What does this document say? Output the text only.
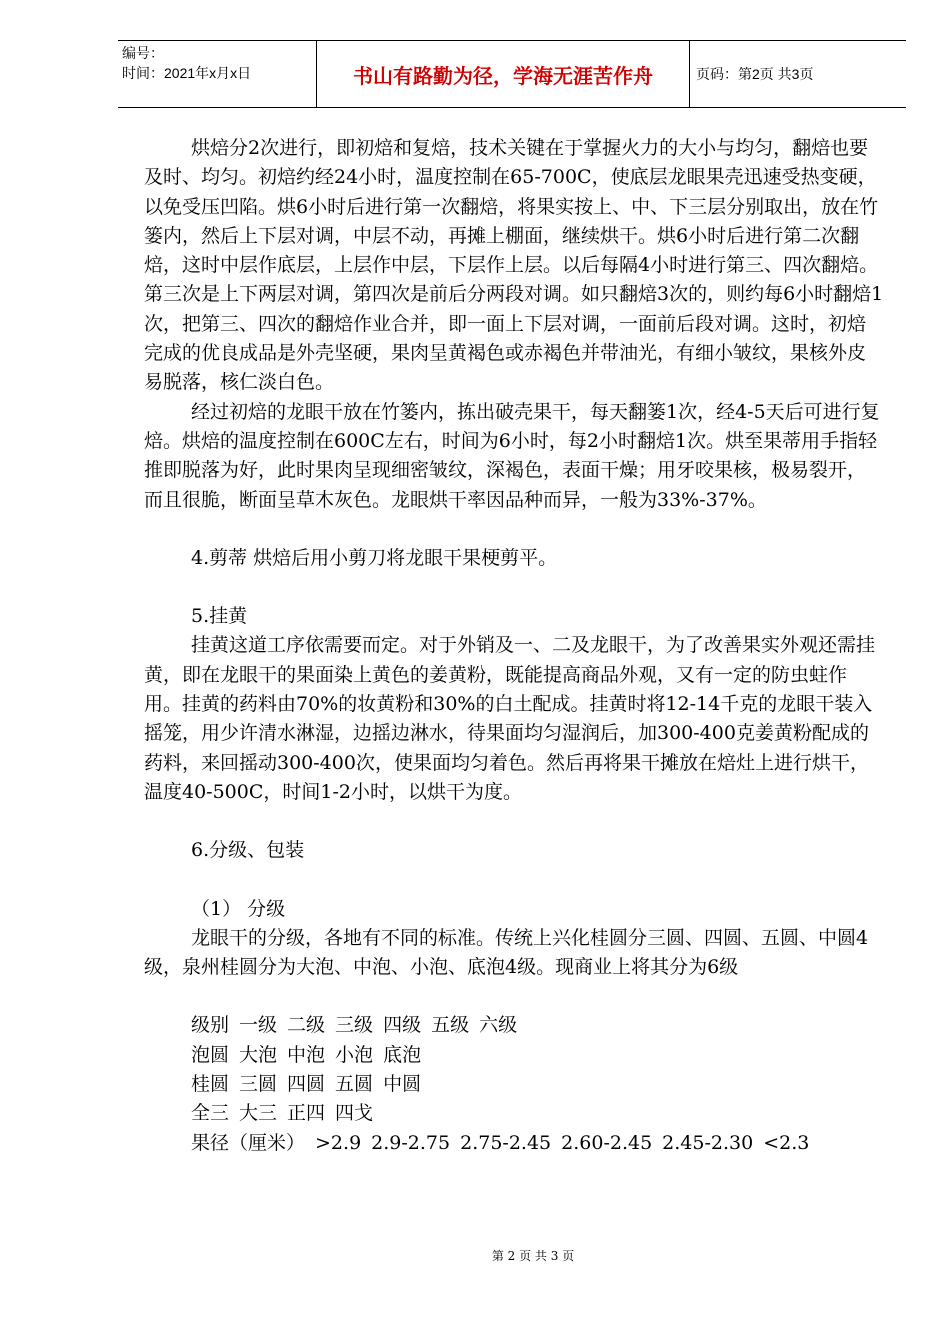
编号：
时间：2021年x月x日	书山有路勤为径，学海无涯苦作舟	页码：第2页 共3页

烘焙分2次进行，即初焙和复焙，技术关键在于掌握火力的大小与均匀，翻焙也要及时、均匀。初焙约经24小时，温度控制在65-700C，使底层龙眼果壳迅速受热变硬，以免受压凹陷。烘6小时后进行第一次翻焙，将果实按上、中、下三层分别取出，放在竹篓内，然后上下层对调，中层不动，再摊上棚面，继续烘干。烘6小时后进行第二次翻焙，这时中层作底层，上层作中层，下层作上层。以后每隔4小时进行第三、四次翻焙。第三次是上下两层对调，第四次是前后分两段对调。如只翻焙3次的，则约每6小时翻焙1次，把第三、四次的翻焙作业合并，即一面上下层对调，一面前后段对调。这时，初焙完成的优良成品是外壳坚硬，果肉呈黄褐色或赤褐色并带油光，有细小皱纹，果核外皮易脱落，核仁淡白色。

经过初焙的龙眼干放在竹篓内，拣出破壳果干，每天翻篓1次，经4-5天后可进行复焙。烘焙的温度控制在600C左右，时间为6小时，每2小时翻焙1次。烘至果蒂用手指轻推即脱落为好，此时果肉呈现细密皱纹，深褐色，表面干燥；用牙咬果核，极易裂开，而且很脆，断面呈草木灰色。龙眼烘干率因品种而异，一般为33%-37%。

4.剪蒂 烘焙后用小剪刀将龙眼干果梗剪平。

5.挂黄

挂黄这道工序依需要而定。对于外销及一、二及龙眼干，为了改善果实外观还需挂黄，即在龙眼干的果面染上黄色的姜黄粉，既能提高商品外观，又有一定的防虫蛀作用。挂黄的药料由70%的妆黄粉和30%的白土配成。挂黄时将12-14千克的龙眼干装入摇笼，用少许清水淋湿，边摇边淋水，待果面均匀湿润后，加300-400克姜黄粉配成的药料，来回摇动300-400次，使果面均匀着色。然后再将果干摊放在焙灶上进行烘干，温度40-500C，时间1-2小时，以烘干为度。

6.分级、包装

（1） 分级

龙眼干的分级，各地有不同的标准。传统上兴化桂圆分三圆、四圆、五圆、中圆4级，泉州桂圆分为大泡、中泡、小泡、底泡4级。现商业上将其分为6级

级别 一级 二级 三级 四级 五级 六级
泡圆 大泡 中泡 小泡 底泡
桂圆 三圆 四圆 五圆 中圆
全三 大三 正四 四戈
果径（厘米） >2.9 2.9-2.75 2.75-2.45 2.60-2.45 2.45-2.30 <2.3
第 2 页 共 3 页
